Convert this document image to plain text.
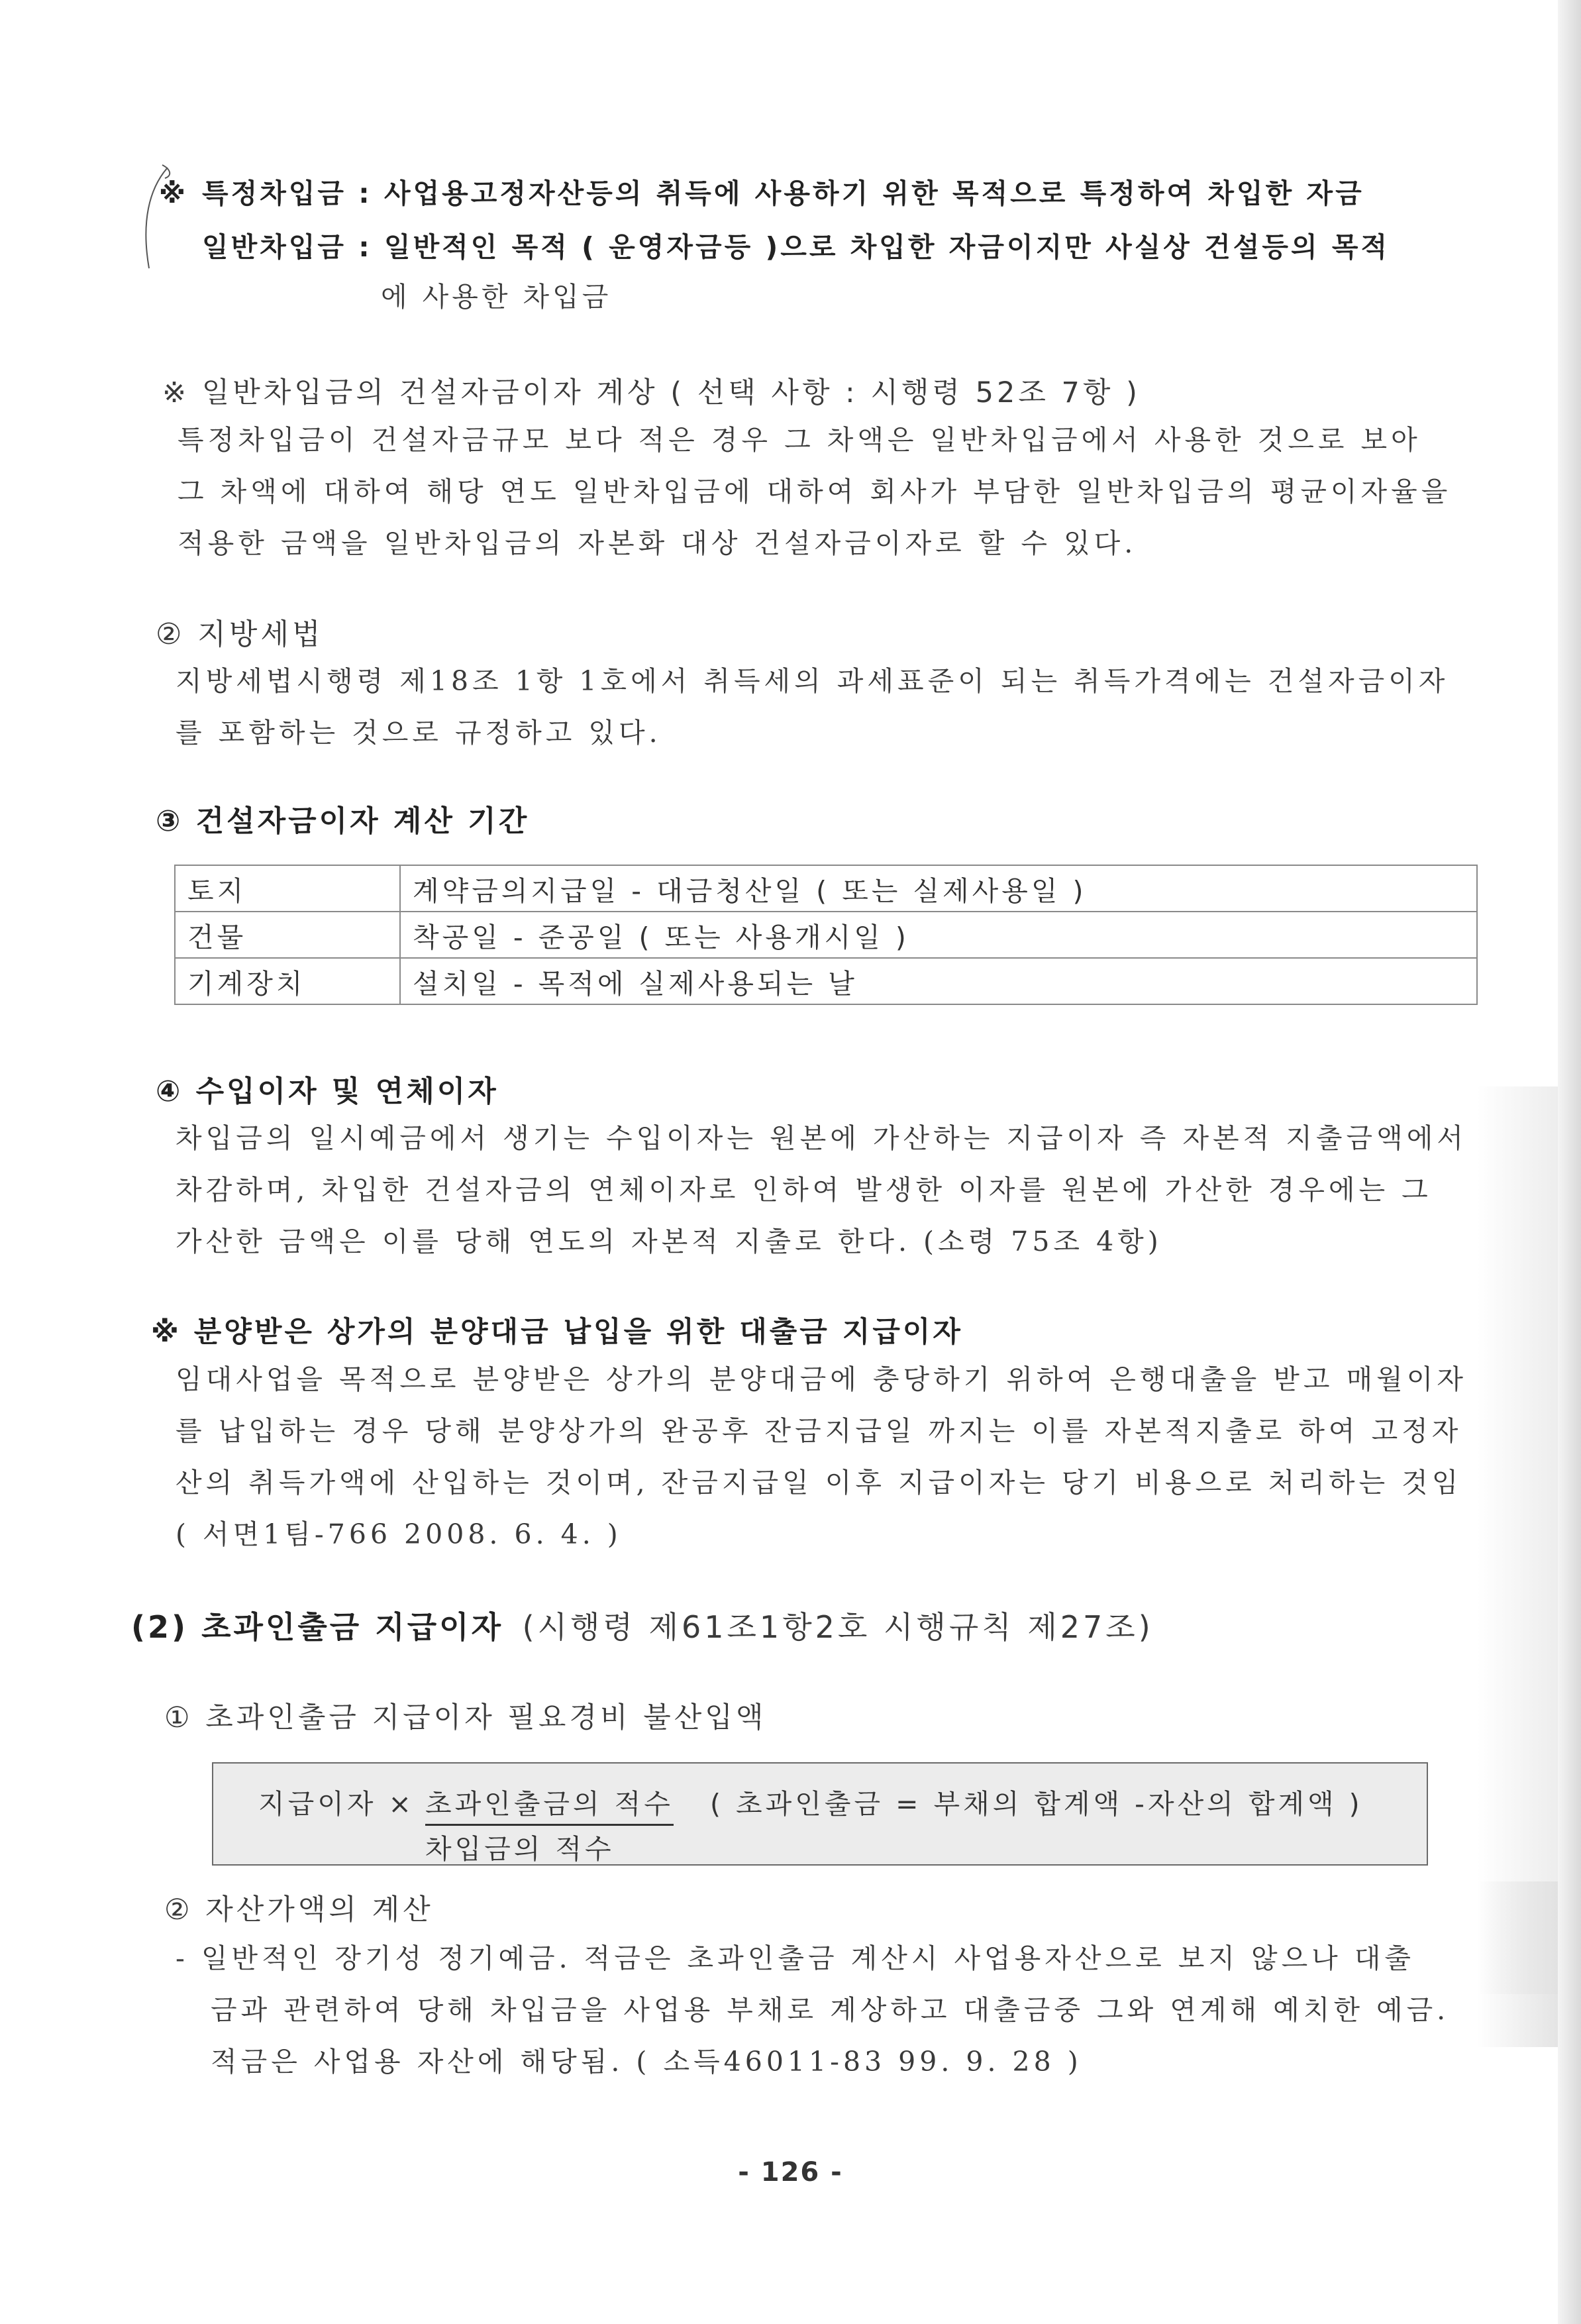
※ 특정차입금 : 사업용고정자산등의 취득에 사용하기 위한 목적으로 특정하여 차입한 자금
일반차입금 : 일반적인 목적 ( 운영자금등 )으로 차입한 자금이지만 사실상 건설등의 목적
에 사용한 차입금
※ 일반차입금의 건설자금이자 계상 ( 선택 사항 : 시행령 52조 7항 )
특정차입금이 건설자금규모 보다 적은 경우 그 차액은 일반차입금에서 사용한 것으로 보아
그 차액에 대하여 해당 연도 일반차입금에 대하여 회사가 부담한 일반차입금의 평균이자율을
적용한 금액을 일반차입금의 자본화 대상 건설자금이자로 할 수 있다.
② 지방세법
지방세법시행령 제18조 1항 1호에서 취득세의 과세표준이 되는 취득가격에는 건설자금이자
를 포함하는 것으로 규정하고 있다.
③ 건설자금이자 계산 기간
토지	계약금의지급일 - 대금청산일 ( 또는 실제사용일 )
건물	착공일 - 준공일 ( 또는 사용개시일 )
기계장치	설치일 - 목적에 실제사용되는 날
④ 수입이자 및 연체이자
차입금의 일시예금에서 생기는 수입이자는 원본에 가산하는 지급이자 즉 자본적 지출금액에서
차감하며, 차입한 건설자금의 연체이자로 인하여 발생한 이자를 원본에 가산한 경우에는 그
가산한 금액은 이를 당해 연도의 자본적 지출로 한다. (소령 75조 4항)
※ 분양받은 상가의 분양대금 납입을 위한 대출금 지급이자
임대사업을 목적으로 분양받은 상가의 분양대금에 충당하기 위하여 은행대출을 받고 매월이자
를 납입하는 경우 당해 분양상가의 완공후 잔금지급일 까지는 이를 자본적지출로 하여 고정자
산의 취득가액에 산입하는 것이며, 잔금지급일 이후 지급이자는 당기 비용으로 처리하는 것임
( 서면1팀-766 2008. 6. 4. )
(2) 초과인출금 지급이자 (시행령 제61조1항2호 시행규칙 제27조)
① 초과인출금 지급이자 필요경비 불산입액
지급이자 × 초과인출금의 적수 ( 초과인출금 = 부채의 합계액 -자산의 합계액 )
차입금의 적수
② 자산가액의 계산
- 일반적인 장기성 정기예금. 적금은 초과인출금 계산시 사업용자산으로 보지 않으나 대출
금과 관련하여 당해 차입금을 사업용 부채로 계상하고 대출금중 그와 연계해 예치한 예금.
적금은 사업용 자산에 해당됨. ( 소득46011-83 99. 9. 28 )
- 126 -
